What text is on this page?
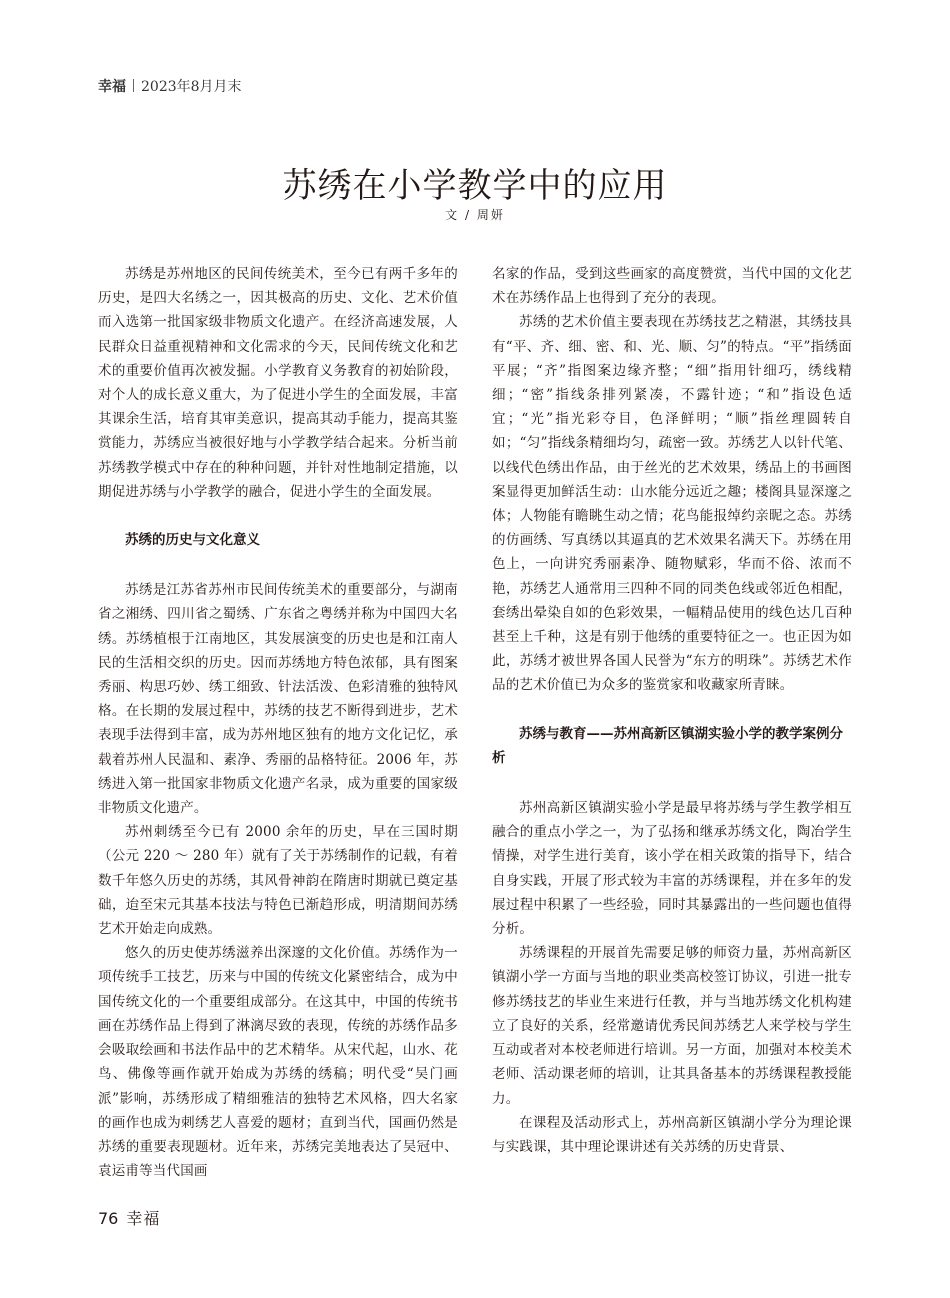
幸福 2023年8月月末
苏绣在小学教学中的应用
文 / 周妍

苏绣是苏州地区的民间传统美术，至今已有两千多年的历史，是四大名绣之一，因其极高的历史、文化、艺术价值而入选第一批国家级非物质文化遗产。在经济高速发展，人民群众日益重视精神和文化需求的今天，民间传统文化和艺术的重要价值再次被发掘。小学教育义务教育的初始阶段，对个人的成长意义重大，为了促进小学生的全面发展，丰富其课余生活，培育其审美意识，提高其动手能力，提高其鉴赏能力，苏绣应当被很好地与小学教学结合起来。分析当前苏绣教学模式中存在的种种问题，并针对性地制定措施，以期促进苏绣与小学教学的融合，促进小学生的全面发展。

苏绣的历史与文化意义

苏绣是江苏省苏州市民间传统美术的重要部分，与湖南省之湘绣、四川省之蜀绣、广东省之粤绣并称为中国四大名绣。苏绣植根于江南地区，其发展演变的历史也是和江南人民的生活相交织的历史。因而苏绣地方特色浓郁，具有图案秀丽、构思巧妙、绣工细致、针法活泼、色彩清雅的独特风格。在长期的发展过程中，苏绣的技艺不断得到进步，艺术表现手法得到丰富，成为苏州地区独有的地方文化记忆，承载着苏州人民温和、素净、秀丽的品格特征。2006 年，苏绣进入第一批国家非物质文化遗产名录，成为重要的国家级非物质文化遗产。

苏州刺绣至今已有 2000 余年的历史，早在三国时期（公元 220 ～ 280 年）就有了关于苏绣制作的记载，有着数千年悠久历史的苏绣，其风骨神韵在隋唐时期就已奠定基础，迨至宋元其基本技法与特色已渐趋形成，明清期间苏绣艺术开始走向成熟。

悠久的历史使苏绣滋养出深邃的文化价值。苏绣作为一项传统手工技艺，历来与中国的传统文化紧密结合，成为中国传统文化的一个重要组成部分。在这其中，中国的传统书画在苏绣作品上得到了淋漓尽致的表现，传统的苏绣作品多会吸取绘画和书法作品中的艺术精华。从宋代起，山水、花鸟、佛像等画作就开始成为苏绣的绣稿；明代受“吴门画派”影响，苏绣形成了精细雅洁的独特艺术风格，四大名家的画作也成为刺绣艺人喜爱的题材；直到当代，国画仍然是苏绣的重要表现题材。近年来，苏绣完美地表达了吴冠中、袁运甫等当代国画

名家的作品，受到这些画家的高度赞赏，当代中国的文化艺术在苏绣作品上也得到了充分的表现。

苏绣的艺术价值主要表现在苏绣技艺之精湛，其绣技具有“平、齐、细、密、和、光、顺、匀”的特点。“平”指绣面平展；“齐”指图案边缘齐整；“细”指用针细巧，绣线精细；“密”指线条排列紧凑，不露针迹；“和”指设色适宜；“光”指光彩夺目，色泽鲜明；“顺”指丝理圆转自如；“匀”指线条精细均匀，疏密一致。苏绣艺人以针代笔、以线代色绣出作品，由于丝光的艺术效果，绣品上的书画图案显得更加鲜活生动：山水能分远近之趣；楼阁具显深邃之体；人物能有瞻眺生动之情；花鸟能报绰约亲昵之态。苏绣的仿画绣、写真绣以其逼真的艺术效果名满天下。苏绣在用色上，一向讲究秀丽素净、随物赋彩，华而不俗、浓而不艳，苏绣艺人通常用三四种不同的同类色线或邻近色相配，套绣出晕染自如的色彩效果，一幅精品使用的线色达几百种甚至上千种，这是有别于他绣的重要特征之一。也正因为如此，苏绣才被世界各国人民誉为“东方的明珠”。苏绣艺术作品的艺术价值已为众多的鉴赏家和收藏家所青睐。

苏绣与教育——苏州高新区镇湖实验小学的教学案例分析

苏州高新区镇湖实验小学是最早将苏绣与学生教学相互融合的重点小学之一，为了弘扬和继承苏绣文化，陶冶学生情操，对学生进行美育，该小学在相关政策的指导下，结合自身实践，开展了形式较为丰富的苏绣课程，并在多年的发展过程中积累了一些经验，同时其暴露出的一些问题也值得分析。

苏绣课程的开展首先需要足够的师资力量，苏州高新区镇湖小学一方面与当地的职业类高校签订协议，引进一批专修苏绣技艺的毕业生来进行任教，并与当地苏绣文化机构建立了良好的关系，经常邀请优秀民间苏绣艺人来学校与学生互动或者对本校老师进行培训。另一方面，加强对本校美术老师、活动课老师的培训，让其具备基本的苏绣课程教授能力。

在课程及活动形式上，苏州高新区镇湖小学分为理论课与实践课，其中理论课讲述有关苏绣的历史背景、

76 幸福
